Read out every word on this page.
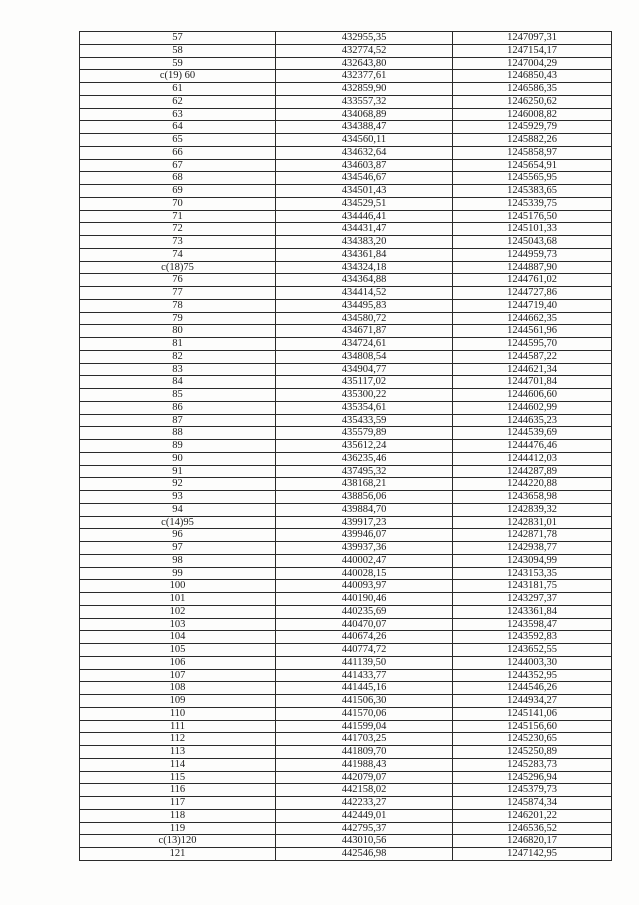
57	432955,35	1247097,31
58	432774,52	1247154,17
59	432643,80	1247004,29
c(19) 60	432377,61	1246850,43
61	432859,90	1246586,35
62	433557,32	1246250,62
63	434068,89	1246008,82
64	434388,47	1245929,79
65	434560,11	1245882,26
66	434632,64	1245858,97
67	434603,87	1245654,91
68	434546,67	1245565,95
69	434501,43	1245383,65
70	434529,51	1245339,75
71	434446,41	1245176,50
72	434431,47	1245101,33
73	434383,20	1245043,68
74	434361,84	1244959,73
c(18)75	434324,18	1244887,90
76	434364,88	1244761,02
77	434414,52	1244727,86
78	434495,83	1244719,40
79	434580,72	1244662,35
80	434671,87	1244561,96
81	434724,61	1244595,70
82	434808,54	1244587,22
83	434904,77	1244621,34
84	435117,02	1244701,84
85	435300,22	1244606,60
86	435354,61	1244602,99
87	435433,59	1244635,23
88	435579,89	1244539,69
89	435612,24	1244476,46
90	436235,46	1244412,03
91	437495,32	1244287,89
92	438168,21	1244220,88
93	438856,06	1243658,98
94	439884,70	1242839,32
c(14)95	439917,23	1242831,01
96	439946,07	1242871,78
97	439937,36	1242938,77
98	440002,47	1243094,99
99	440028,15	1243153,35
100	440093,97	1243181,75
101	440190,46	1243297,37
102	440235,69	1243361,84
103	440470,07	1243598,47
104	440674,26	1243592,83
105	440774,72	1243652,55
106	441139,50	1244003,30
107	441433,77	1244352,95
108	441445,16	1244546,26
109	441506,30	1244934,27
110	441570,06	1245141,06
111	441599,04	1245156,60
112	441703,25	1245230,65
113	441809,70	1245250,89
114	441988,43	1245283,73
115	442079,07	1245296,94
116	442158,02	1245379,73
117	442233,27	1245874,34
118	442449,01	1246201,22
119	442795,37	1246536,52
c(13)120	443010,56	1246820,17
121	442546,98	1247142,95
